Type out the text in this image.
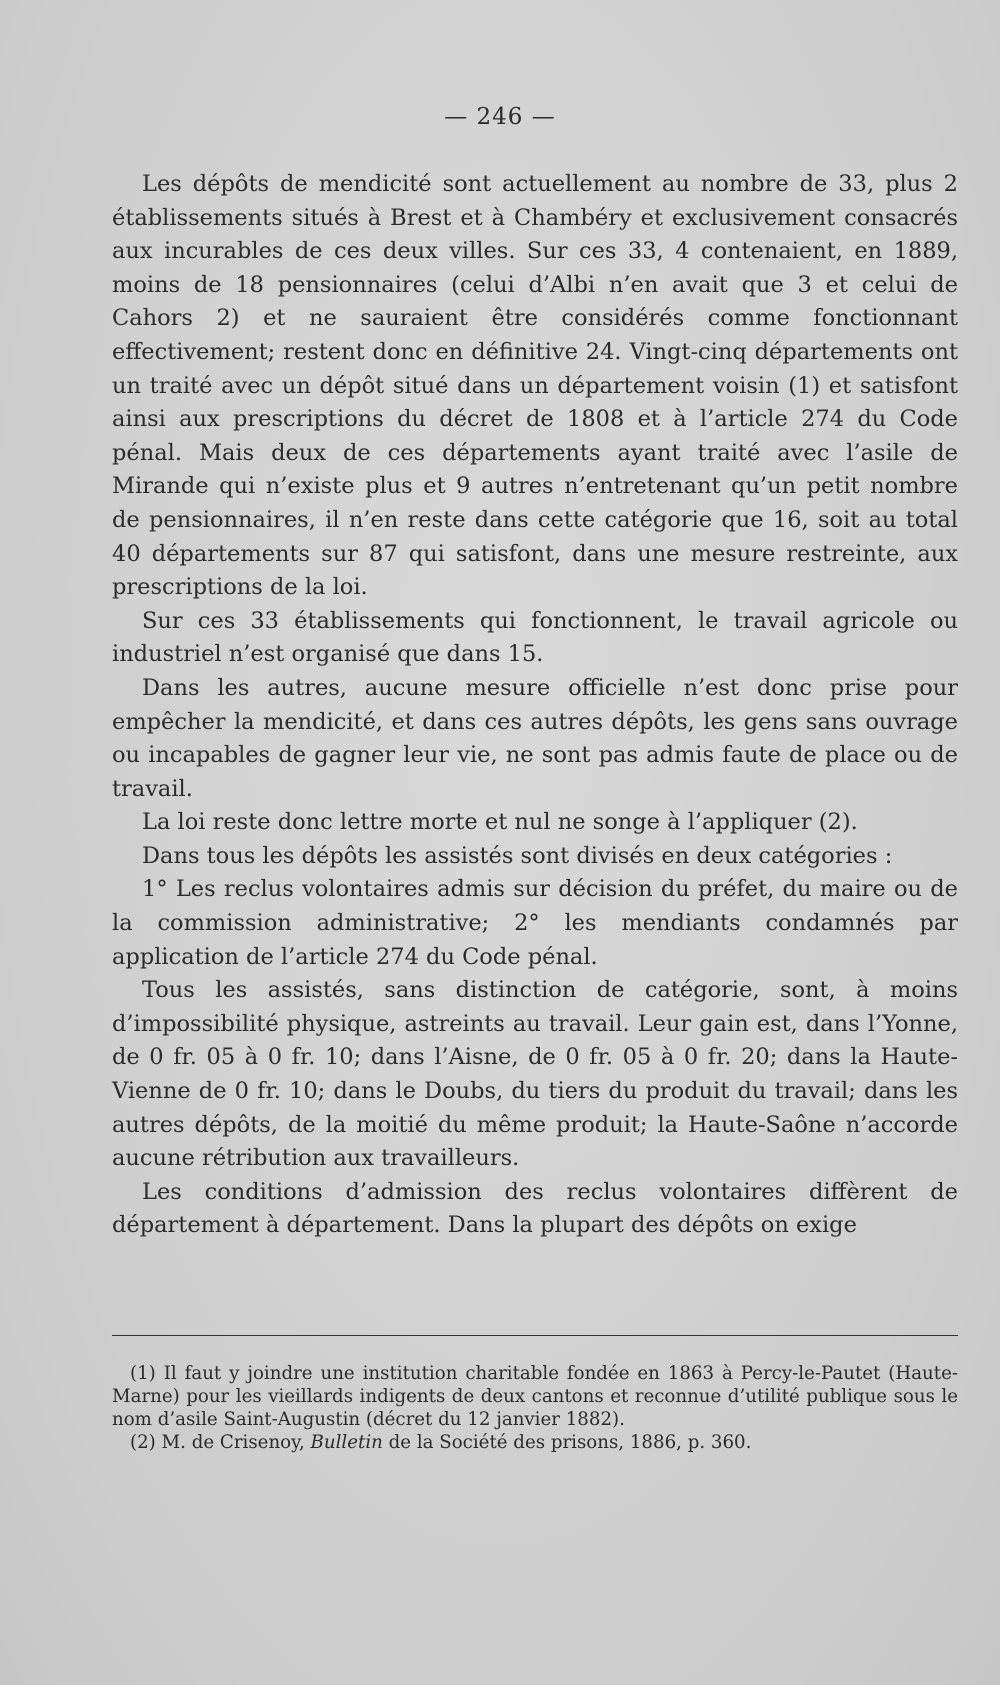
— 246 —

Les dépôts de mendicité sont actuellement au nombre de 33, plus 2 établissements situés à Brest et à Chambéry et exclusivement consacrés aux incurables de ces deux villes. Sur ces 33, 4 contenaient, en 1889, moins de 18 pensionnaires (celui d’Albi n’en avait que 3 et celui de Cahors 2) et ne sauraient être considérés comme fonctionnant effectivement; restent donc en définitive 24. Vingt-cinq départements ont un traité avec un dépôt situé dans un département voisin (1) et satisfont ainsi aux prescriptions du décret de 1808 et à l’article 274 du Code pénal. Mais deux de ces départements ayant traité avec l’asile de Mirande qui n’existe plus et 9 autres n’entretenant qu’un petit nombre de pensionnaires, il n’en reste dans cette catégorie que 16, soit au total 40 départements sur 87 qui satisfont, dans une mesure restreinte, aux prescriptions de la loi.

Sur ces 33 établissements qui fonctionnent, le travail agricole ou industriel n’est organisé que dans 15.

Dans les autres, aucune mesure officielle n’est donc prise pour empêcher la mendicité, et dans ces autres dépôts, les gens sans ouvrage ou incapables de gagner leur vie, ne sont pas admis faute de place ou de travail.

La loi reste donc lettre morte et nul ne songe à l’appliquer (2).

Dans tous les dépôts les assistés sont divisés en deux catégories :

1° Les reclus volontaires admis sur décision du préfet, du maire ou de la commission administrative; 2° les mendiants condamnés par application de l’article 274 du Code pénal.

Tous les assistés, sans distinction de catégorie, sont, à moins d’impossibilité physique, astreints au travail. Leur gain est, dans l’Yonne, de 0 fr. 05 à 0 fr. 10; dans l’Aisne, de 0 fr. 05 à 0 fr. 20; dans la Haute-Vienne de 0 fr. 10; dans le Doubs, du tiers du produit du travail; dans les autres dépôts, de la moitié du même produit; la Haute-Saône n’accorde aucune rétribution aux travailleurs.

Les conditions d’admission des reclus volontaires diffèrent de département à département. Dans la plupart des dépôts on exige

(1) Il faut y joindre une institution charitable fondée en 1863 à Percy-le-Pautet (Haute-Marne) pour les vieillards indigents de deux cantons et reconnue d’utilité publique sous le nom d’asile Saint-Augustin (décret du 12 janvier 1882).

(2) M. de Crisenoy, Bulletin de la Société des prisons, 1886, p. 360.
